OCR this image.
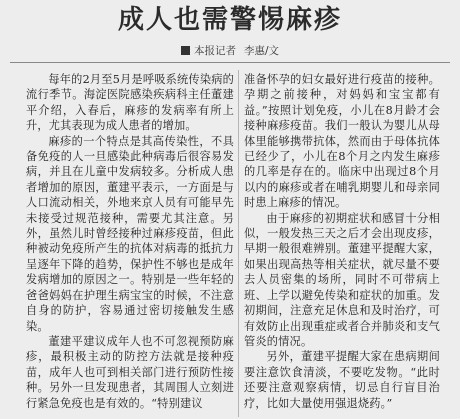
成人也需警惕麻疹
本报记者 李惠/文

每年的2月至5月是呼吸系统传染病的流行季节。海淀医院感染疾病科主任董建平介绍，入春后，麻疹的发病率有所上升，尤其表现为成人患者的增加。

麻疹的一个特点是其高传染性，不具备免疫的人一旦感染此种病毒后很容易发病，并且在儿童中发病较多。分析成人患者增加的原因，董建平表示，一方面是与人口流动相关，外地来京人员有可能早先未接受过规范接种，需要尤其注意。另外，虽然儿时曾经接种过麻疹疫苗，但此种被动免疫所产生的抗体对病毒的抵抗力呈逐年下降的趋势，保护性不够也是成年发病增加的原因之一。特别是一些年轻的爸爸妈妈在护理生病宝宝的时候，不注意自身的防护，容易通过密切接触发生感染。

董建平建议成年人也不可忽视预防麻疹，最积极主动的防控方法就是接种疫苗，成年人也可到相关部门进行预防性接种。另外一旦发现患者，其周围人立刻进行紧急免疫也是有效的。“特别建议

准备怀孕的妇女最好进行疫苗的接种。孕期之前接种，对妈妈和宝宝都有益。”按照计划免疫，小儿在8月龄才会接种麻疹疫苗。我们一般认为婴儿从母体里能够携带抗体，然而由于母体抗体已经少了，小儿在8个月之内发生麻疹的几率是存在的。临床中出现过8个月以内的麻疹或者在哺乳期婴儿和母亲同时患上麻疹的情况。

由于麻疹的初期症状和感冒十分相似，一般发热三天之后才会出现皮疹，早期一般很难辨别。董建平提醒大家，如果出现高热等相关症状，就尽量不要去人员密集的场所，同时不可带病上班、上学以避免传染和症状的加重。发初期间，注意充足休息和及时治疗，可有效防止出现重症或者合并肺炎和支气管炎的情况。

另外，董建平提醒大家在患病期间要注意饮食清淡，不要吃发物。“此时还要注意观察病情，切忌自行盲目治疗，比如大量使用强退烧药。”
